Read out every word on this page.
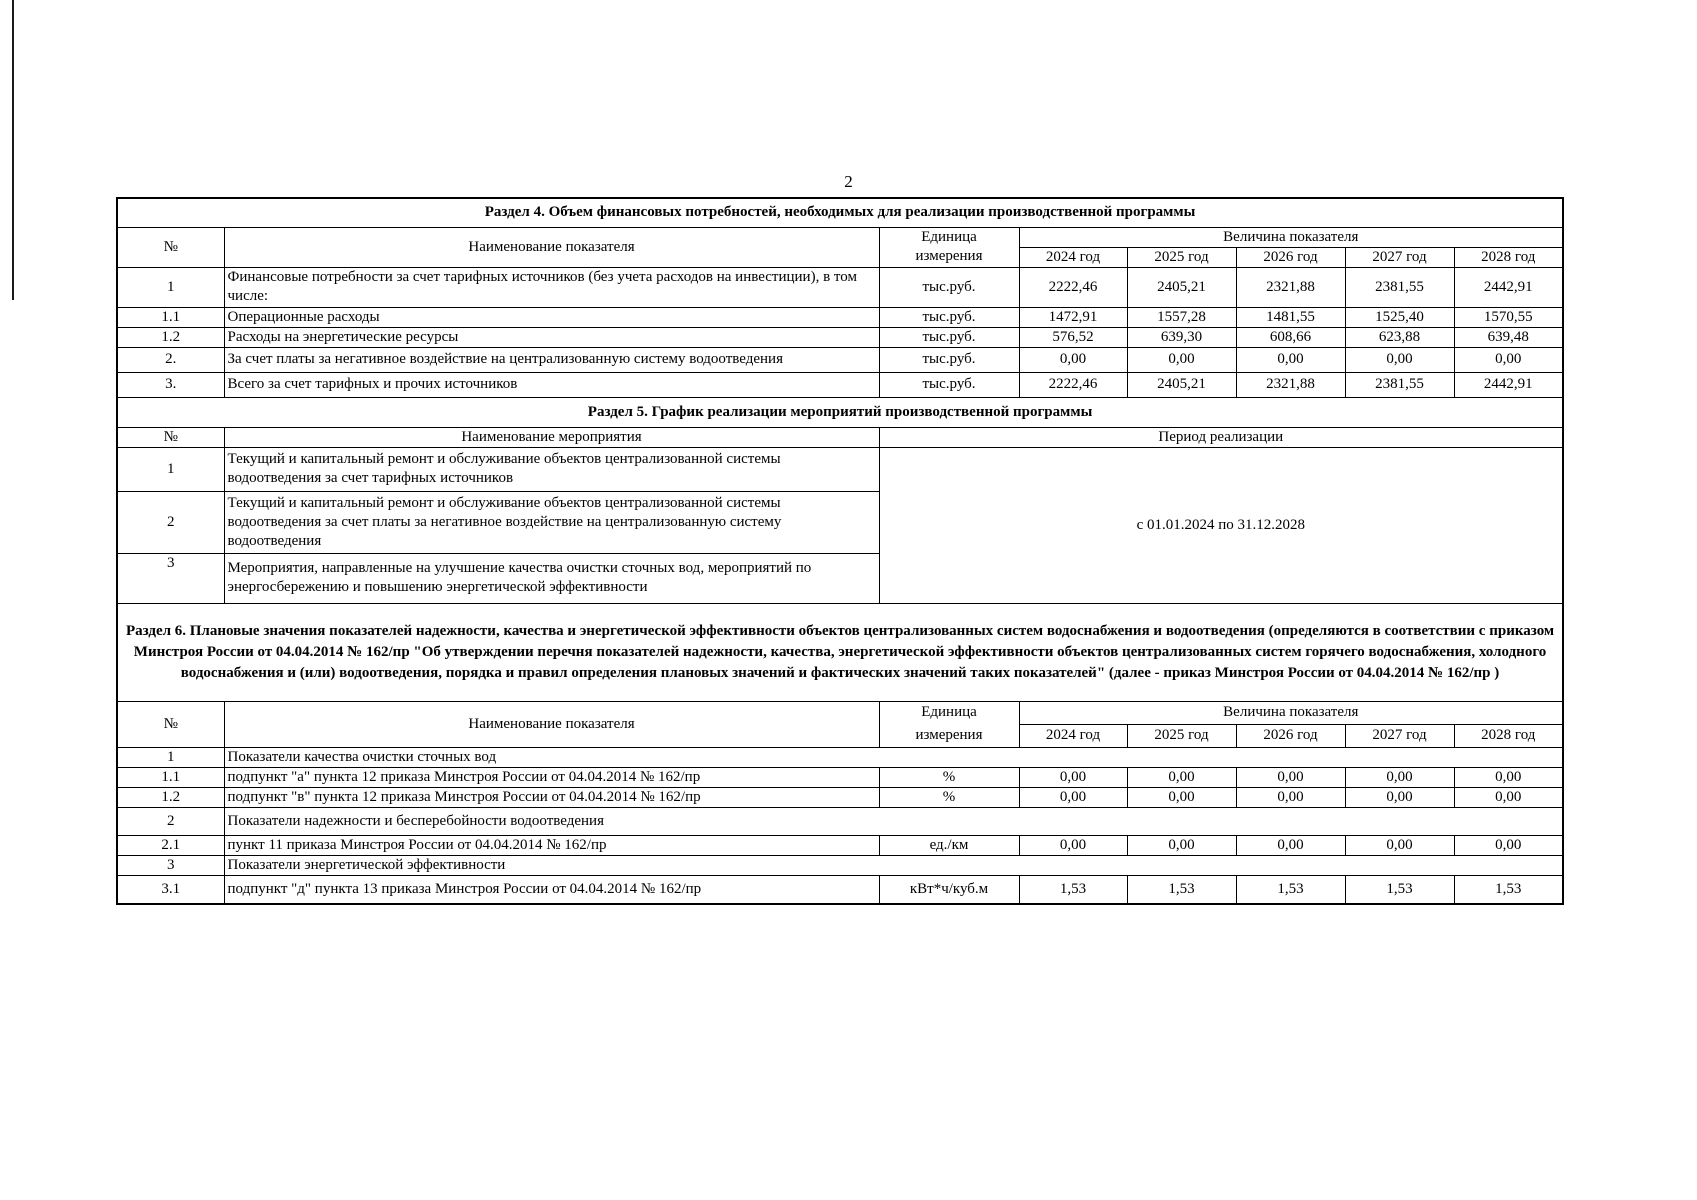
2
Раздел 4. Объем финансовых потребностей, необходимых для реализации производственной программы							
№	Наименование показателя	Единица	Величина показателя				
		измерения	2024 год	2025 год	2026 год	2027 год	2028 год
1	Финансовые потребности за счет тарифных источников (без учета расходов на инвестиции), в том числе:	тыс.руб.	2222,46	2405,21	2321,88	2381,55	2442,91
1.1	Операционные расходы	тыс.руб.	1472,91	1557,28	1481,55	1525,40	1570,55
1.2	Расходы на энергетические ресурсы	тыс.руб.	576,52	639,30	608,66	623,88	639,48
2.	За счет платы за негативное воздействие на централизованную систему водоотведения	тыс.руб.	0,00	0,00	0,00	0,00	0,00
3.	Всего за счет тарифных и прочих источников	тыс.руб.	2222,46	2405,21	2321,88	2381,55	2442,91
Раздел 5. График реализации мероприятий производственной программы							
№	Наименование мероприятия	Период реализации					
1	Текущий и капитальный ремонт и обслуживание объектов централизованной системы водоотведения за счет тарифных источников	с 01.01.2024 по 31.12.2028					
2	Текущий и капитальный ремонт и обслуживание объектов централизованной системы водоотведения за счет платы за негативное воздействие на централизованную систему водоотведения						
3	Мероприятия, направленные на улучшение качества очистки сточных вод, мероприятий по энергосбережению и повышению энергетической эффективности						
Раздел 6. Плановые значения показателей надежности, качества и энергетической эффективности объектов централизованных систем водоснабжения и водоотведения (определяются в соответствии с приказом Минстроя России от 04.04.2014 № 162/пр "Об утверждении перечня показателей надежности, качества, энергетической эффективности объектов централизованных систем горячего водоснабжения, холодного водоснабжения и (или) водоотведения, порядка и правил определения плановых значений и фактических значений таких показателей" (далее - приказ Минстроя России от 04.04.2014 № 162/пр )							
№	Наименование показателя	Единица	Величина показателя				
		измерения	2024 год	2025 год	2026 год	2027 год	2028 год
1	Показатели качества очистки сточных вод						
1.1	подпункт "а" пункта 12 приказа Минстроя России от 04.04.2014 № 162/пр	%	0,00	0,00	0,00	0,00	0,00
1.2	подпункт "в" пункта 12 приказа Минстроя России от 04.04.2014 № 162/пр	%	0,00	0,00	0,00	0,00	0,00
2	Показатели надежности и бесперебойности водоотведения						
2.1	пункт 11 приказа Минстроя России от 04.04.2014 № 162/пр	ед./км	0,00	0,00	0,00	0,00	0,00
3	Показатели энергетической эффективности						
3.1	подпункт "д" пункта 13 приказа Минстроя России от 04.04.2014 № 162/пр	кВт*ч/куб.м	1,53	1,53	1,53	1,53	1,53
